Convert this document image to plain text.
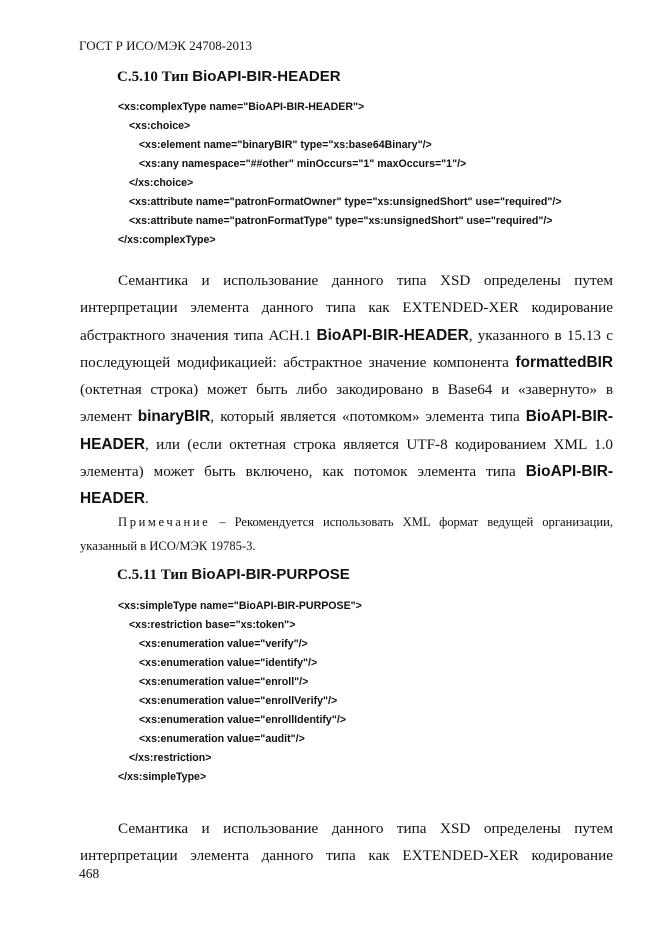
ГОСТ Р ИСО/МЭК 24708-2013
С.5.10 Тип BioAPI-BIR-HEADER
<xs:complexType name="BioAPI-BIR-HEADER">
<xs:choice>
<xs:element name="binaryBIR" type="xs:base64Binary"/>
<xs:any namespace="##other" minOccurs="1" maxOccurs="1"/>
</xs:choice>
<xs:attribute name="patronFormatOwner" type="xs:unsignedShort" use="required"/>
<xs:attribute name="patronFormatType" type="xs:unsignedShort" use="required"/>
</xs:complexType>

Семантика и использование данного типа XSD определены путем интерпретации элемента данного типа как EXTENDED-XER кодирование абстрактного значения типа АСН.1 BioAPI-BIR-HEADER, указанного в 15.13 с последующей модификацией: абстрактное значение компонента formattedBIR (октетная строка) может быть либо закодировано в Base64 и «завернуто» в элемент binaryBIR, который является «потомком» элемента типа BioAPI-BIR-HEADER, или (если октетная строка является UTF-8 кодированием XML 1.0 элемента) может быть включено, как потомок элемента типа BioAPI-BIR-HEADER.

Примечание – Рекомендуется использовать XML формат ведущей организации, указанный в ИСО/МЭК 19785-3.

С.5.11 Тип BioAPI-BIR-PURPOSE
<xs:simpleType name="BioAPI-BIR-PURPOSE">
<xs:restriction base="xs:token">
<xs:enumeration value="verify"/>
<xs:enumeration value="identify"/>
<xs:enumeration value="enroll"/>
<xs:enumeration value="enrollVerify"/>
<xs:enumeration value="enrollIdentify"/>
<xs:enumeration value="audit"/>
</xs:restriction>
</xs:simpleType>

Семантика и использование данного типа XSD определены путем интерпретации элемента данного типа как EXTENDED-XER кодирование

468
